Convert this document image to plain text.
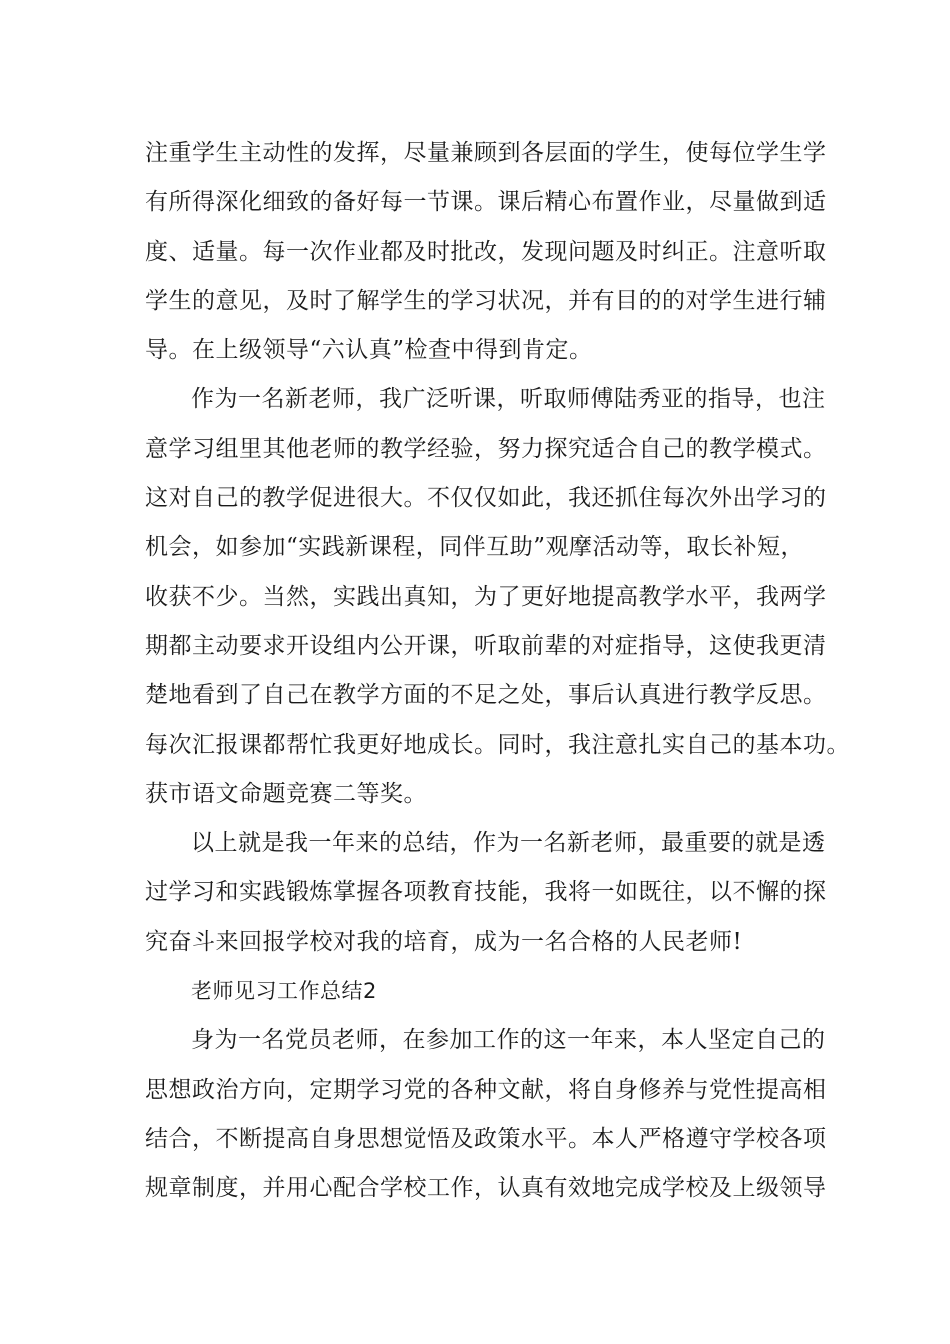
注重学生主动性的发挥，尽量兼顾到各层面的学生，使每位学生学
有所得深化细致的备好每一节课。课后精心布置作业，尽量做到适
度、适量。每一次作业都及时批改，发现问题及时纠正。注意听取
学生的意见，及时了解学生的学习状况，并有目的的对学生进行辅
导。在上级领导“六认真”检查中得到肯定。

作为一名新老师，我广泛听课，听取师傅陆秀亚的指导，也注
意学习组里其他老师的教学经验，努力探究适合自己的教学模式。
这对自己的教学促进很大。不仅仅如此，我还抓住每次外出学习的
机会，如参加“实践新课程，同伴互助”观摩活动等，取长补短，
收获不少。当然，实践出真知，为了更好地提高教学水平，我两学
期都主动要求开设组内公开课，听取前辈的对症指导，这使我更清
楚地看到了自己在教学方面的不足之处，事后认真进行教学反思。
每次汇报课都帮忙我更好地成长。同时，我注意扎实自己的基本功。
获市语文命题竞赛二等奖。

以上就是我一年来的总结，作为一名新老师，最重要的就是透
过学习和实践锻炼掌握各项教育技能，我将一如既往，以不懈的探
究奋斗来回报学校对我的培育，成为一名合格的人民老师!

老师见习工作总结2

身为一名党员老师，在参加工作的这一年来，本人坚定自己的
思想政治方向，定期学习党的各种文献，将自身修养与党性提高相
结合，不断提高自身思想觉悟及政策水平。本人严格遵守学校各项
规章制度，并用心配合学校工作，认真有效地完成学校及上级领导
